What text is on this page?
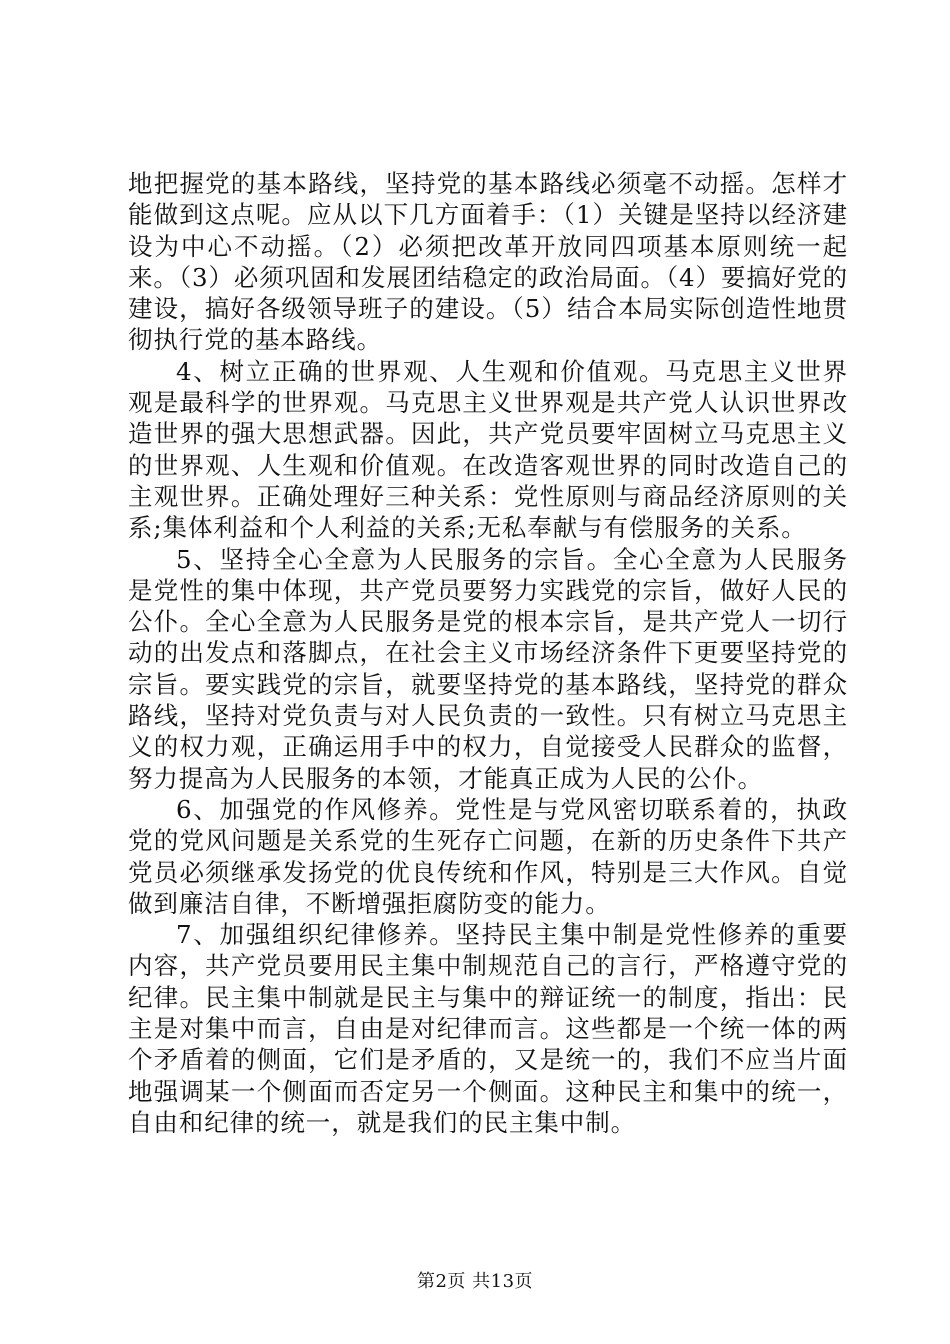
地把握党的基本路线，坚持党的基本路线必须毫不动摇。怎样才能做到这点呢。应从以下几方面着手：（1）关键是坚持以经济建设为中心不动摇。（2）必须把改革开放同四项基本原则统一起来。（3）必须巩固和发展团结稳定的政治局面。（4）要搞好党的建设，搞好各级领导班子的建设。（5）结合本局实际创造性地贯彻执行党的基本路线。

4、树立正确的世界观、人生观和价值观。马克思主义世界观是最科学的世界观。马克思主义世界观是共产党人认识世界改造世界的强大思想武器。因此，共产党员要牢固树立马克思主义的世界观、人生观和价值观。在改造客观世界的同时改造自己的主观世界。正确处理好三种关系：党性原则与商品经济原则的关系;集体利益和个人利益的关系;无私奉献与有偿服务的关系。

5、坚持全心全意为人民服务的宗旨。全心全意为人民服务是党性的集中体现，共产党员要努力实践党的宗旨，做好人民的公仆。全心全意为人民服务是党的根本宗旨，是共产党人一切行动的出发点和落脚点，在社会主义市场经济条件下更要坚持党的宗旨。要实践党的宗旨，就要坚持党的基本路线，坚持党的群众路线，坚持对党负责与对人民负责的一致性。只有树立马克思主义的权力观，正确运用手中的权力，自觉接受人民群众的监督，努力提高为人民服务的本领，才能真正成为人民的公仆。

6、加强党的作风修养。党性是与党风密切联系着的，执政党的党风问题是关系党的生死存亡问题，在新的历史条件下共产党员必须继承发扬党的优良传统和作风，特别是三大作风。自觉做到廉洁自律，不断增强拒腐防变的能力。

7、加强组织纪律修养。坚持民主集中制是党性修养的重要内容，共产党员要用民主集中制规范自己的言行，严格遵守党的纪律。民主集中制就是民主与集中的辩证统一的制度，指出：民主是对集中而言，自由是对纪律而言。这些都是一个统一体的两个矛盾着的侧面，它们是矛盾的，又是统一的，我们不应当片面地强调某一个侧面而否定另一个侧面。这种民主和集中的统一，自由和纪律的统一，就是我们的民主集中制。

第2页 共13页
